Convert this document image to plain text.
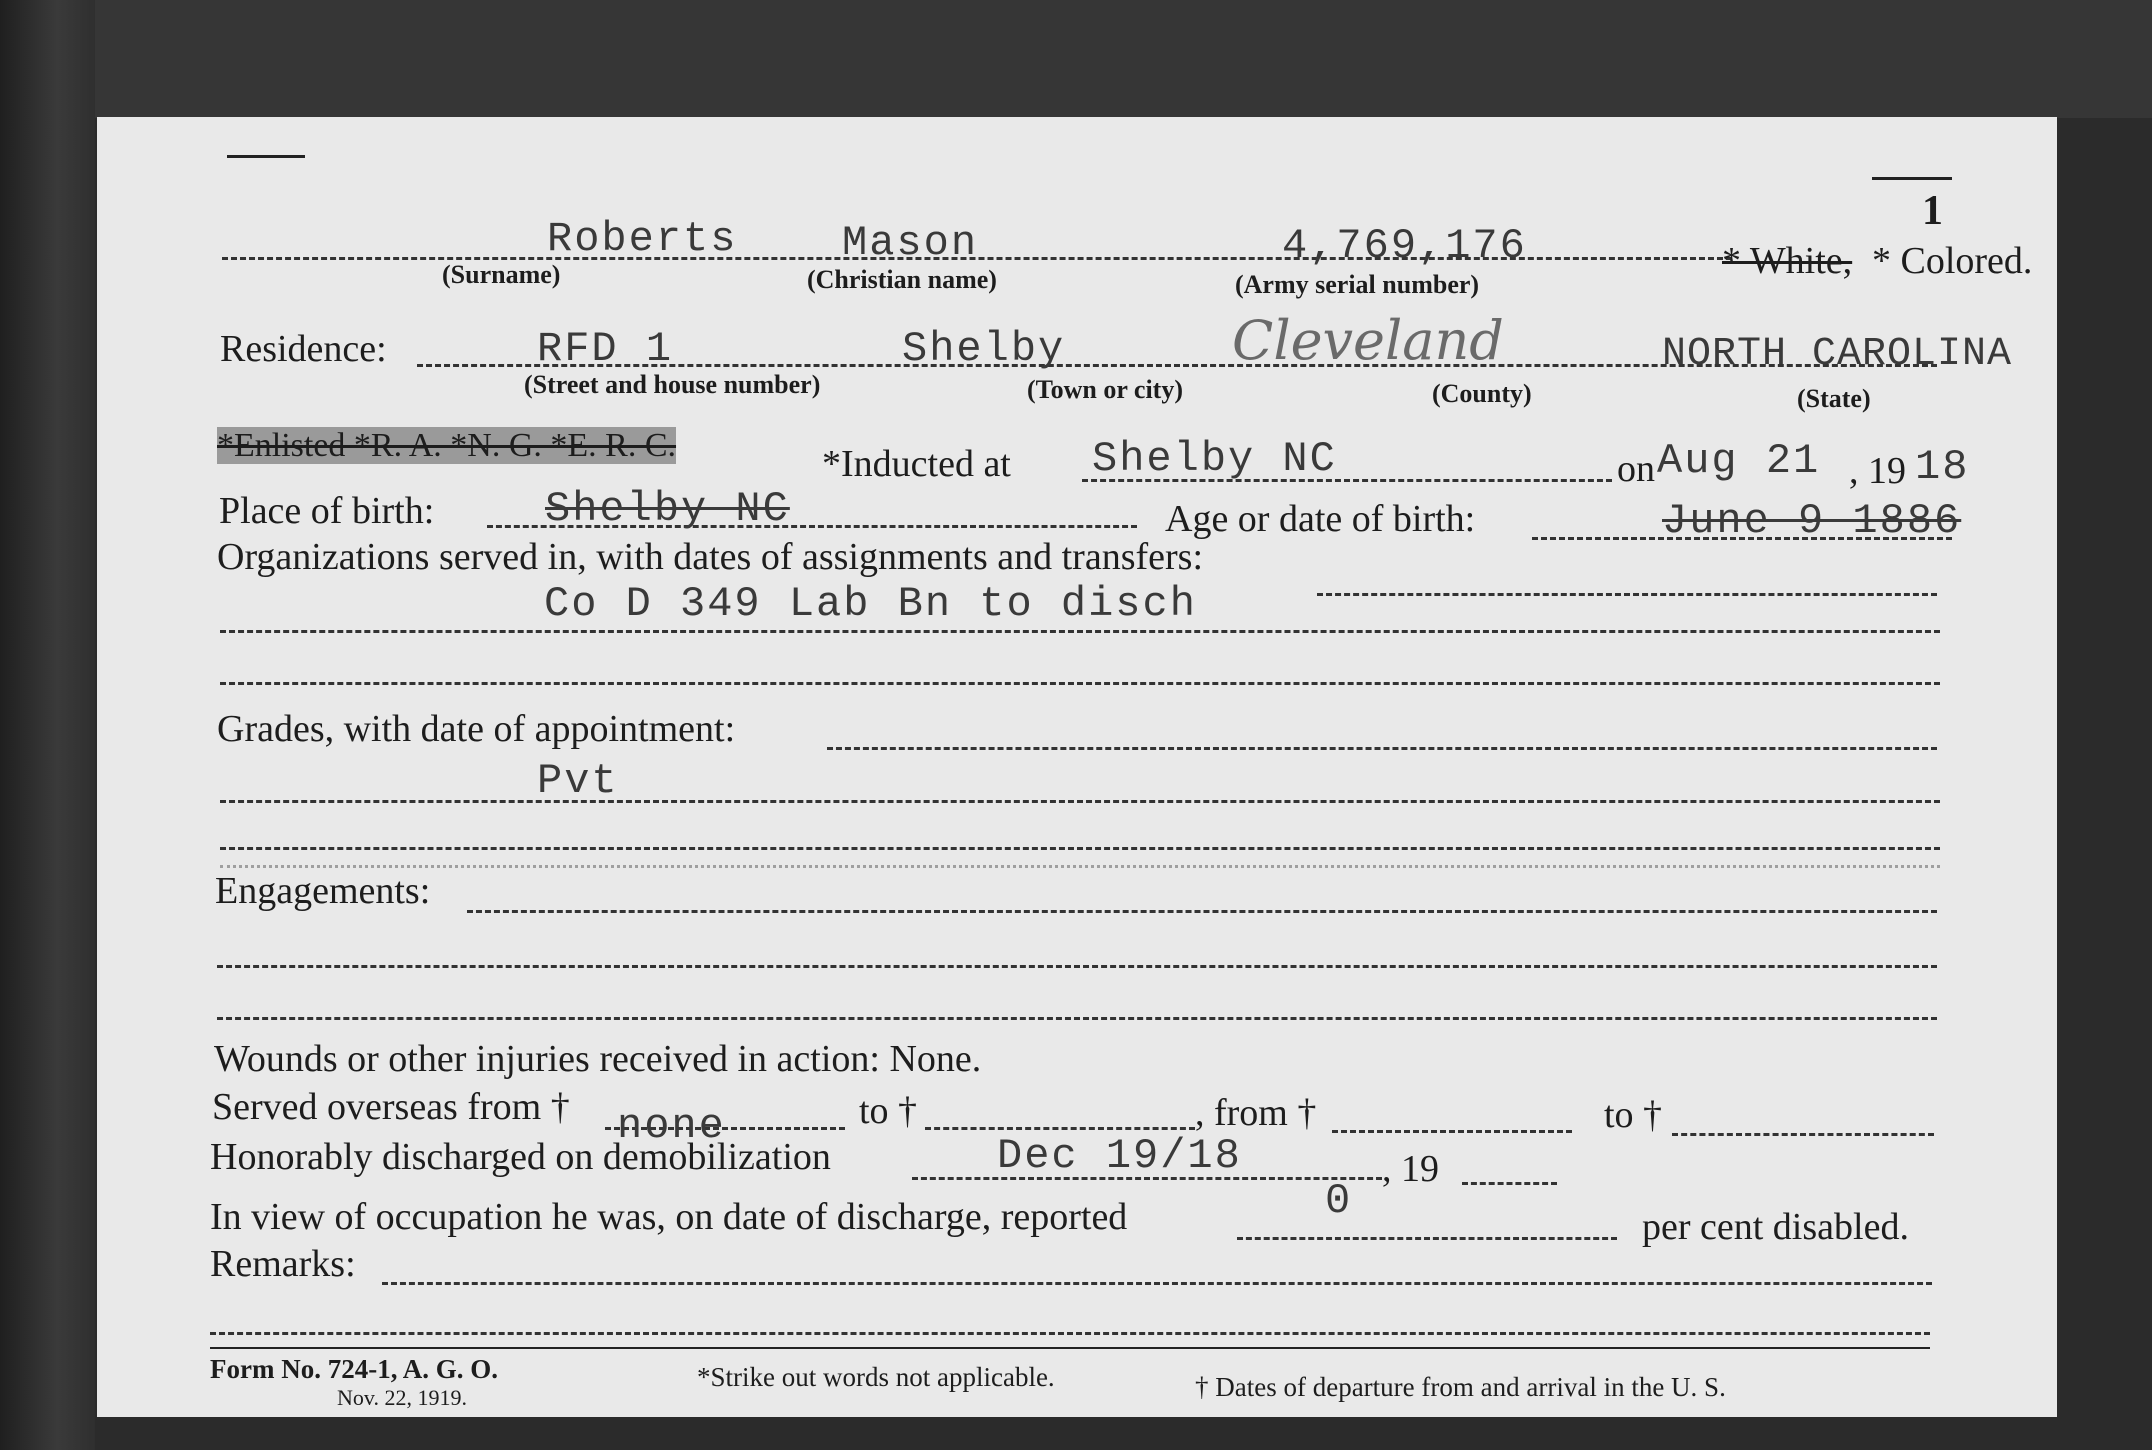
1
Roberts Mason	4,769,176	* White, * Colored.
(Surname)	(Christian name)	(Army serial number)
Residence:	RFD 1	Shelby	Cleveland	NORTH CAROLINA
(Street and house number)	(Town or city)	(County)	(State)
*Enlisted *R. A. *N. G. *E. R. C.	*Inducted at Shelby NC	on Aug 21 , 19 18
Place of birth:	Shelby NC	Age or date of birth:	June 9 1886
Organizations served in, with dates of assignments and transfers:
Co D 349 Lab Bn to disch
Grades, with date of appointment:
Pvt
Engagements:
Wounds or other injuries received in action: None.
Served overseas from † none	to †	, from †	to †
Honorably discharged on demobilization	Dec 19/18	, 19
In view of occupation he was, on date of discharge, reported	0
per cent disabled.
Remarks:
Form No. 724-1, A. G. O.
Nov. 22, 1919.
*Strike out words not applicable.	† Dates of departure from and arrival in the U. S.
